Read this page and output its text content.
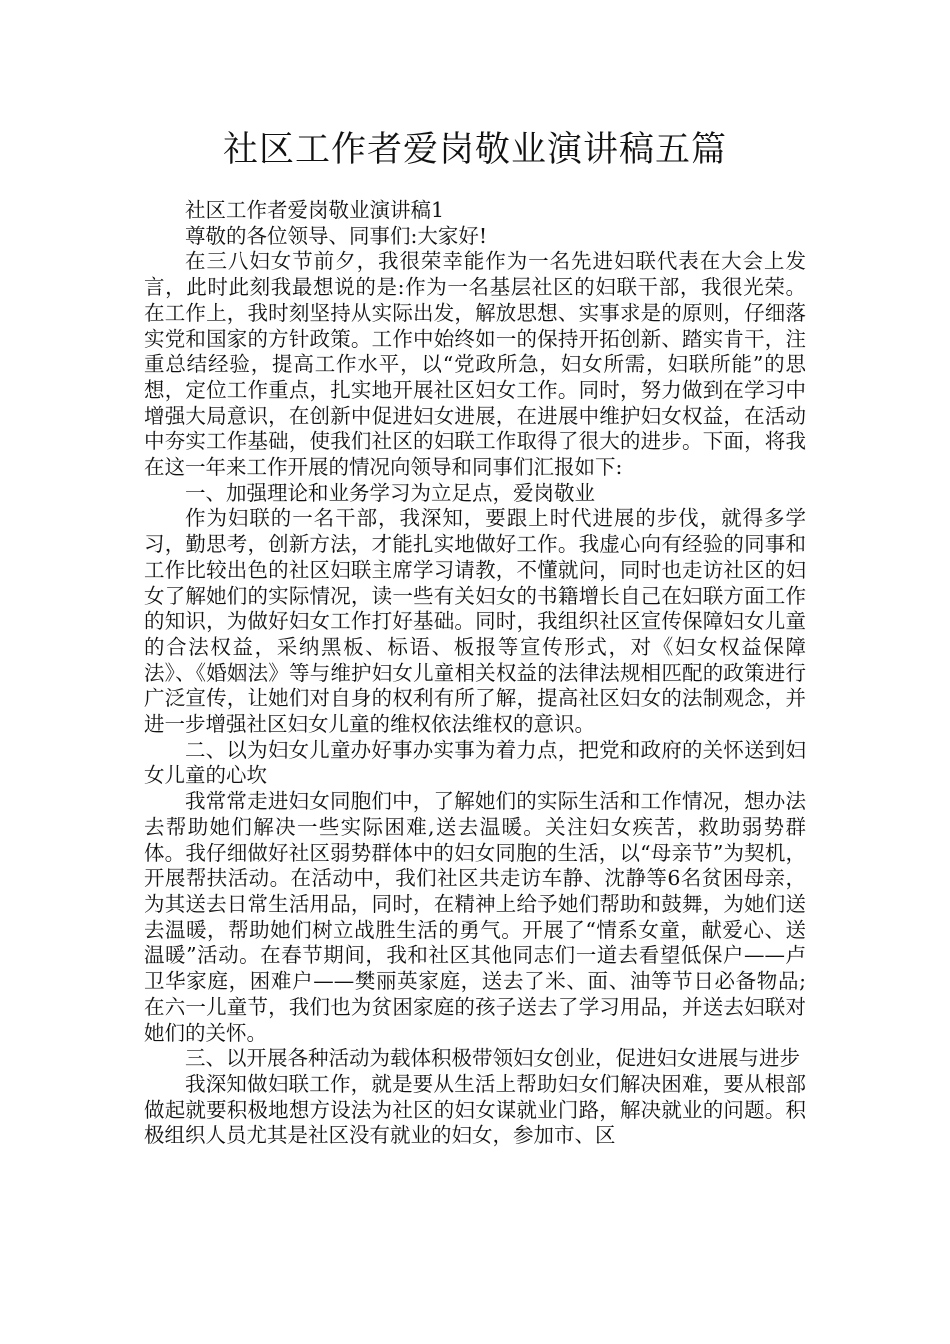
社区工作者爱岗敬业演讲稿五篇

社区工作者爱岗敬业演讲稿1

尊敬的各位领导、同事们:大家好!

在三八妇女节前夕，我很荣幸能作为一名先进妇联代表在大会上发言，此时此刻我最想说的是:作为一名基层社区的妇联干部，我很光荣。在工作上，我时刻坚持从实际出发，解放思想、实事求是的原则，仔细落实党和国家的方针政策。工作中始终如一的保持开拓创新、踏实肯干，注重总结经验，提高工作水平，以“党政所急，妇女所需，妇联所能”的思想，定位工作重点，扎实地开展社区妇女工作。同时，努力做到在学习中增强大局意识，在创新中促进妇女进展，在进展中维护妇女权益，在活动中夯实工作基础，使我们社区的妇联工作取得了很大的进步。下面，将我在这一年来工作开展的情况向领导和同事们汇报如下:

一、加强理论和业务学习为立足点，爱岗敬业

作为妇联的一名干部，我深知，要跟上时代进展的步伐，就得多学习，勤思考，创新方法，才能扎实地做好工作。我虚心向有经验的同事和工作比较出色的社区妇联主席学习请教，不懂就问，同时也走访社区的妇女了解她们的实际情况，读一些有关妇女的书籍增长自己在妇联方面工作的知识，为做好妇女工作打好基础。同时，我组织社区宣传保障妇女儿童的合法权益，采纳黑板、标语、板报等宣传形式，对《妇女权益保障法》、《婚姻法》等与维护妇女儿童相关权益的法律法规相匹配的政策进行广泛宣传，让她们对自身的权利有所了解，提高社区妇女的法制观念，并进一步增强社区妇女儿童的维权依法维权的意识。

二、以为妇女儿童办好事办实事为着力点，把党和政府的关怀送到妇女儿童的心坎

我常常走进妇女同胞们中，了解她们的实际生活和工作情况，想办法去帮助她们解决一些实际困难,送去温暖。关注妇女疾苦，救助弱势群体。我仔细做好社区弱势群体中的妇女同胞的生活，以“母亲节”为契机，开展帮扶活动。在活动中，我们社区共走访车静、沈静等6名贫困母亲，为其送去日常生活用品，同时，在精神上给予她们帮助和鼓舞，为她们送去温暖，帮助她们树立战胜生活的勇气。开展了“情系女童，献爱心、送温暖”活动。在春节期间，我和社区其他同志们一道去看望低保户——卢卫华家庭，困难户——樊丽英家庭，送去了米、面、油等节日必备物品;在六一儿童节，我们也为贫困家庭的孩子送去了学习用品，并送去妇联对她们的关怀。

三、以开展各种活动为载体积极带领妇女创业，促进妇女进展与进步

我深知做妇联工作，就是要从生活上帮助妇女们解决困难，要从根部做起就要积极地想方设法为社区的妇女谋就业门路，解决就业的问题。积极组织人员尤其是社区没有就业的妇女，参加市、区
